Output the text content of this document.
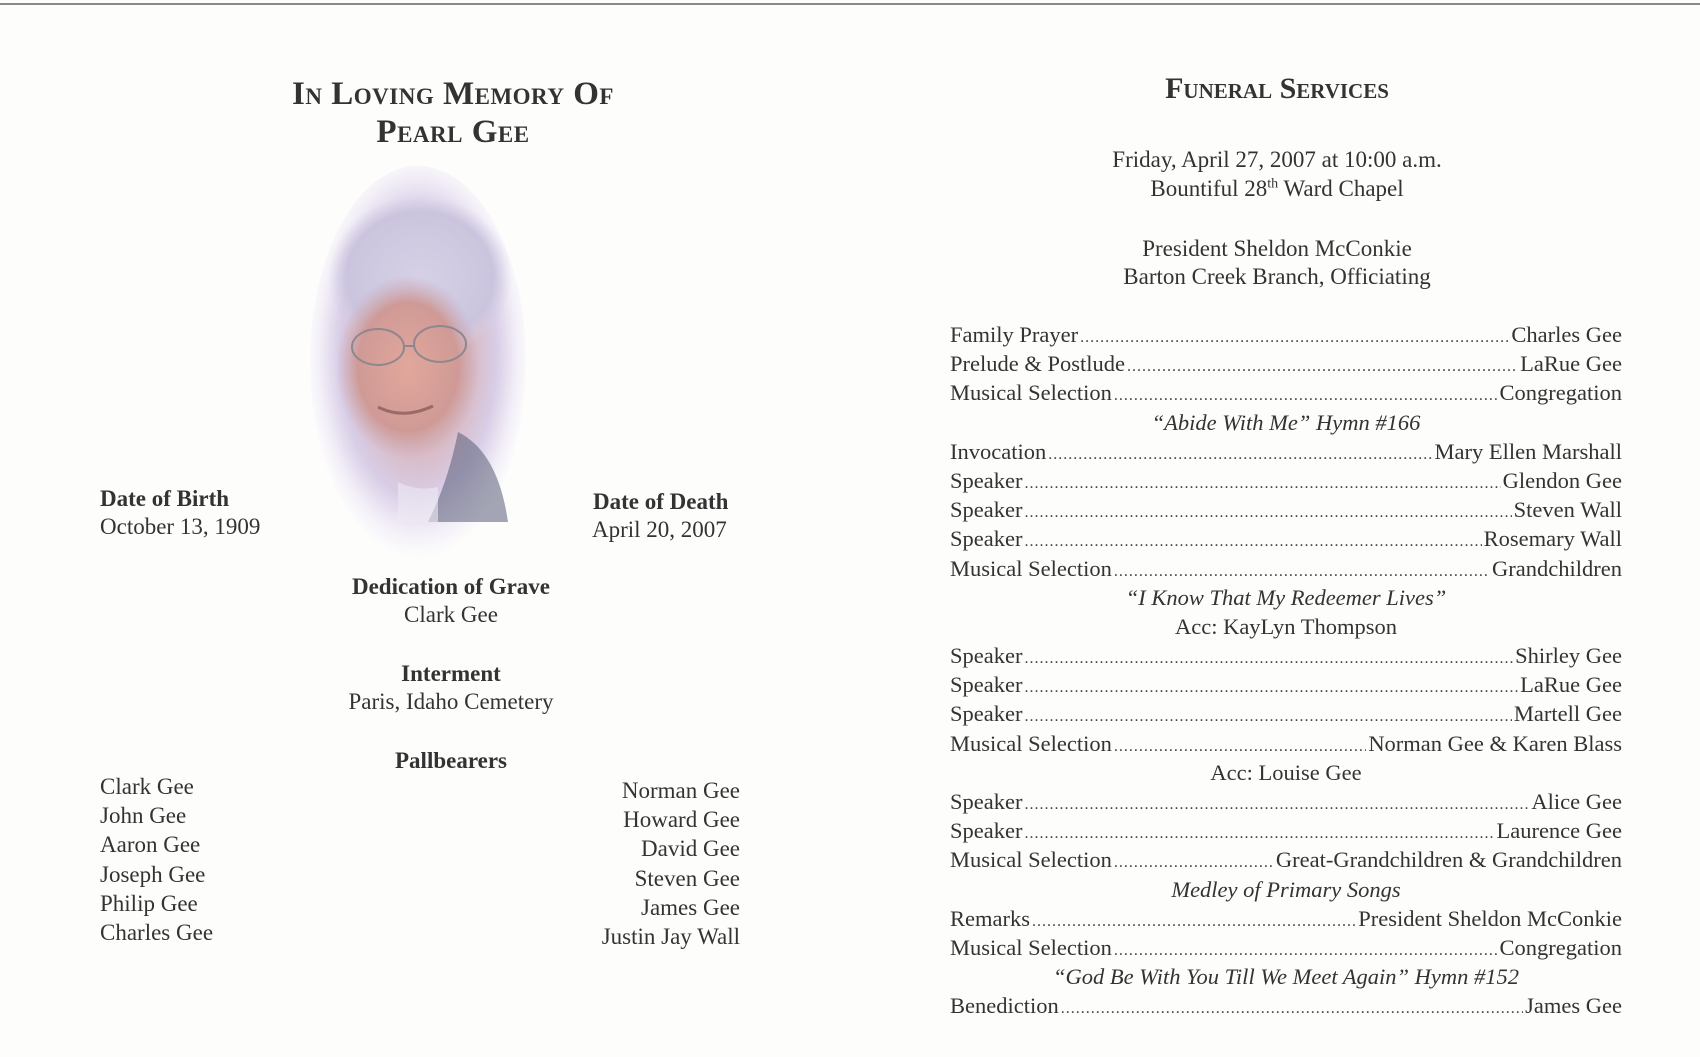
In Loving Memory Of
Pearl Gee
Date of Birth
October 13, 1909
Date of Death
April 20, 2007
Dedication of Grave
Clark Gee
Interment
Paris, Idaho Cemetery
Pallbearers
Clark Gee
John Gee
Aaron Gee
Joseph Gee
Philip Gee
Charles Gee
Norman Gee
Howard Gee
David Gee
Steven Gee
James Gee
Justin Jay Wall
Funeral Services
Friday, April 27, 2007 at 10:00 a.m.
Bountiful 28th Ward Chapel
President Sheldon McConkie
Barton Creek Branch, Officiating
Family Prayer .....	Charles Gee
Prelude & Postlude .....	LaRue Gee
Musical Selection .....	Congregation
“Abide With Me” Hymn #166
Invocation .....	Mary Ellen Marshall
Speaker .....	Glendon Gee
Speaker .....	Steven Wall
Speaker .....	Rosemary Wall
Musical Selection .....	Grandchildren
“I Know That My Redeemer Lives”
Acc: KayLyn Thompson
Speaker .....	Shirley Gee
Speaker .....	LaRue Gee
Speaker .....	Martell Gee
Musical Selection .....	Norman Gee & Karen Blass
Acc: Louise Gee
Speaker .....	Alice Gee
Speaker .....	Laurence Gee
Musical Selection .....	Great-Grandchildren & Grandchildren
Medley of Primary Songs
Remarks .....	President Sheldon McConkie
Musical Selection .....	Congregation
“God Be With You Till We Meet Again” Hymn #152
Benediction .....	James Gee
